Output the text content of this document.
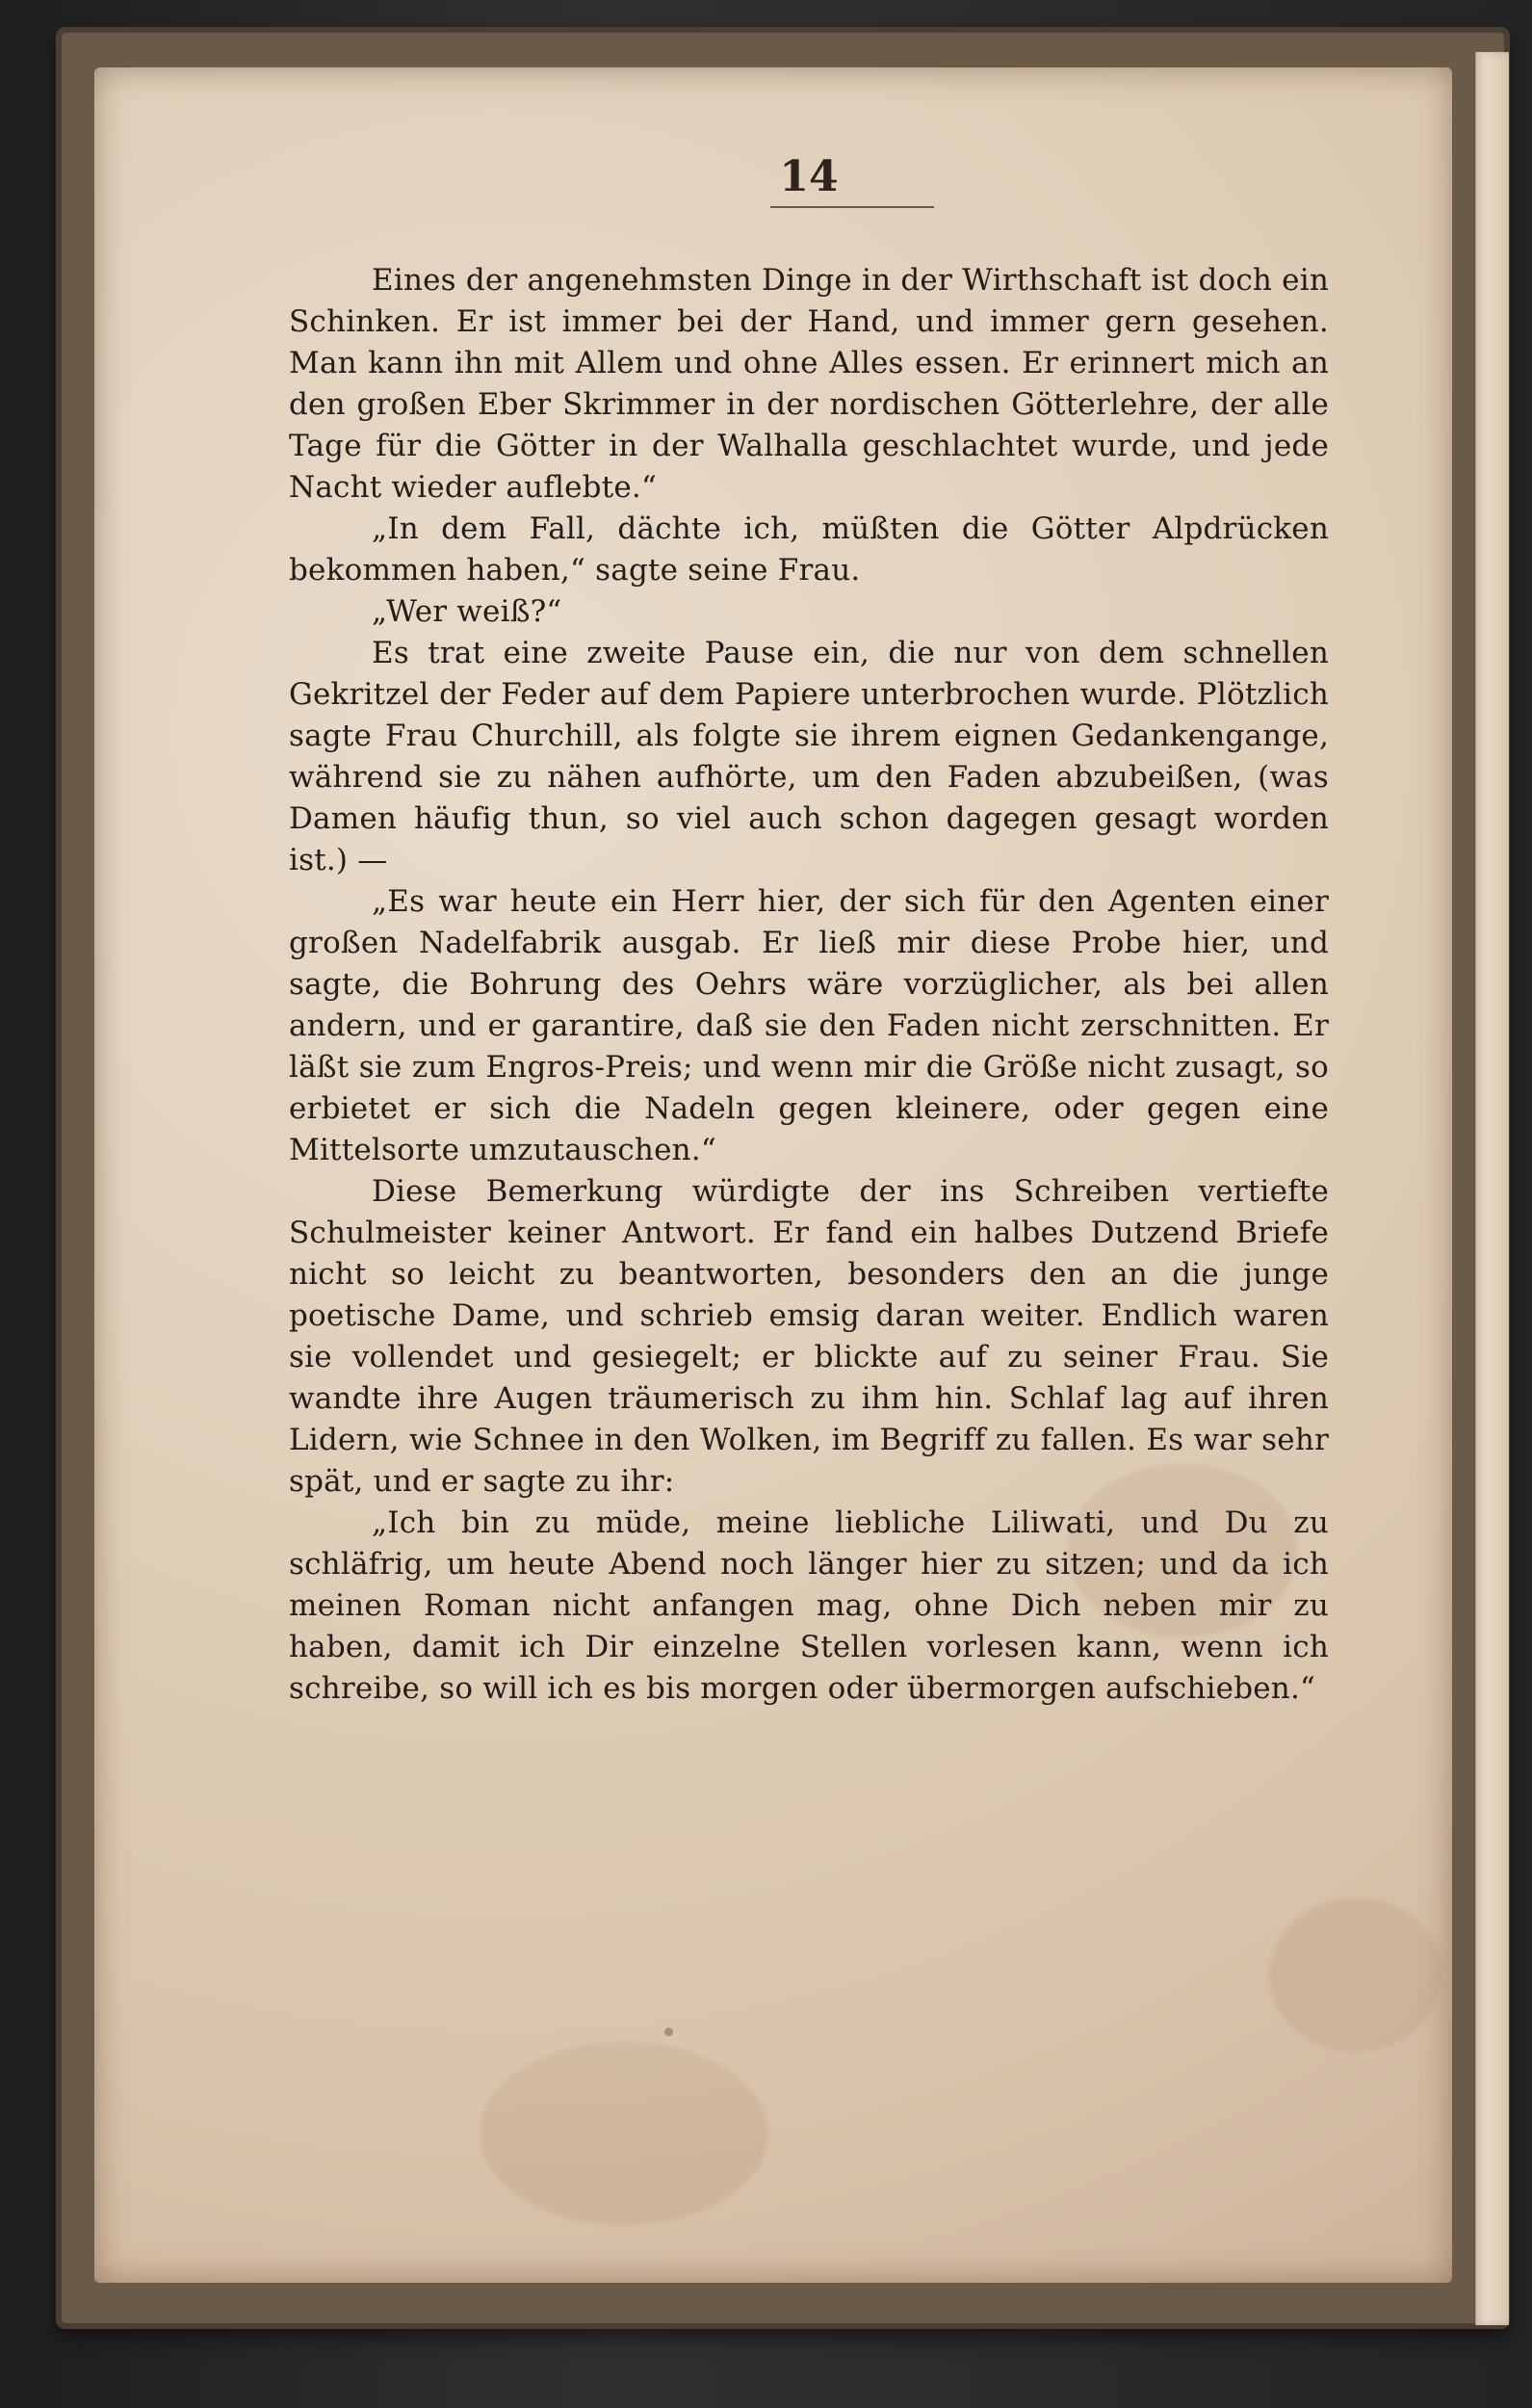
14

Eines der angenehmsten Dinge in der Wirthschaft ist doch ein Schinken. Er ist immer bei der Hand, und immer gern gesehen. Man kann ihn mit Allem und ohne Alles essen. Er erinnert mich an den großen Eber Skrimmer in der nordischen Götterlehre, der alle Tage für die Götter in der Walhalla geschlachtet wurde, und jede Nacht wieder auflebte.“

„In dem Fall, dächte ich, müßten die Götter Alpdrücken bekommen haben,“ sagte seine Frau.

„Wer weiß?“

Es trat eine zweite Pause ein, die nur von dem schnellen Gekritzel der Feder auf dem Papiere unterbrochen wurde. Plötzlich sagte Frau Churchill, als folgte sie ihrem eignen Gedankengange, während sie zu nähen aufhörte, um den Faden abzubeißen, (was Damen häufig thun, so viel auch schon dagegen gesagt worden ist.) —

„Es war heute ein Herr hier, der sich für den Agenten einer großen Nadelfabrik ausgab. Er ließ mir diese Probe hier, und sagte, die Bohrung des Oehrs wäre vorzüglicher, als bei allen andern, und er garantire, daß sie den Faden nicht zerschnitten. Er läßt sie zum Engros-Preis; und wenn mir die Größe nicht zusagt, so erbietet er sich die Nadeln gegen kleinere, oder gegen eine Mittelsorte umzutauschen.“

Diese Bemerkung würdigte der ins Schreiben vertiefte Schulmeister keiner Antwort. Er fand ein halbes Dutzend Briefe nicht so leicht zu beantworten, besonders den an die junge poetische Dame, und schrieb emsig daran weiter. Endlich waren sie vollendet und gesiegelt; er blickte auf zu seiner Frau. Sie wandte ihre Augen träumerisch zu ihm hin. Schlaf lag auf ihren Lidern, wie Schnee in den Wolken, im Begriff zu fallen. Es war sehr spät, und er sagte zu ihr:

„Ich bin zu müde, meine liebliche Liliwati, und Du zu schläfrig, um heute Abend noch länger hier zu sitzen; und da ich meinen Roman nicht anfangen mag, ohne Dich neben mir zu haben, damit ich Dir einzelne Stellen vorlesen kann, wenn ich schreibe, so will ich es bis morgen oder übermorgen aufschieben.“
